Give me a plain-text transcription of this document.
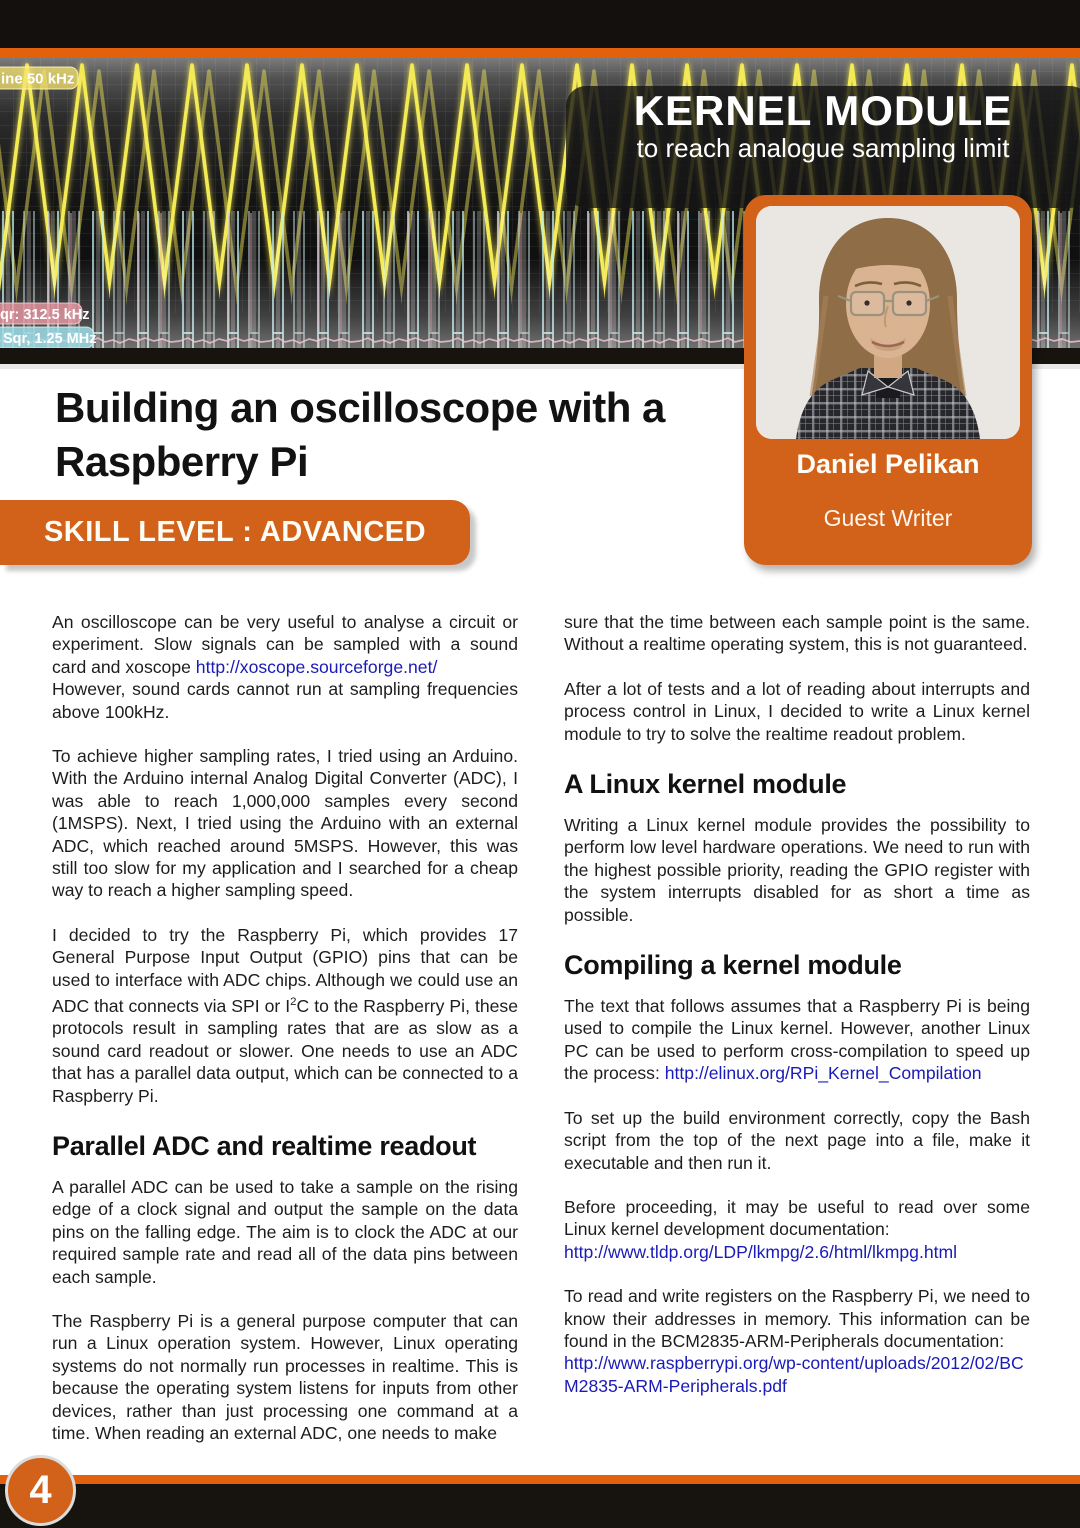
KERNEL MODULE
to reach analogue sampling limit
ine 50 kHz
qr: 312.5 kHz
Sqr, 1.25 MHz
Daniel Pelikan
Guest Writer
Building an oscilloscope with a
Raspberry Pi
SKILL LEVEL : ADVANCED

An oscilloscope can be very useful to analyse a circuit or experiment. Slow signals can be sampled with a sound card and xoscope http://xoscope.sourceforge.net/
However, sound cards cannot run at sampling frequencies above 100kHz.

To achieve higher sampling rates, I tried using an Arduino. With the Arduino internal Analog Digital Converter (ADC), I was able to reach 1,000,000 samples every second (1MSPS). Next, I tried using the Arduino with an external ADC, which reached around 5MSPS. However, this was still too slow for my application and I searched for a cheap way to reach a higher sampling speed.

I decided to try the Raspberry Pi, which provides 17 General Purpose Input Output (GPIO) pins that can be used to interface with ADC chips. Although we could use an ADC that connects via SPI or $I^2C$ to the Raspberry Pi, these protocols result in sampling rates that are as slow as a sound card readout or slower. One needs to use an ADC that has a parallel data output, which can be connected to a Raspberry Pi.

Parallel ADC and realtime readout

A parallel ADC can be used to take a sample on the rising edge of a clock signal and output the sample on the data pins on the falling edge. The aim is to clock the ADC at our required sample rate and read all of the data pins between each sample.

The Raspberry Pi is a general purpose computer that can run a Linux operation system. However, Linux operating systems do not normally run processes in realtime. This is because the operating system listens for inputs from other devices, rather than just processing one command at a time. When reading an external ADC, one needs to make

sure that the time between each sample point is the same. Without a realtime operating system, this is not guaranteed.

After a lot of tests and a lot of reading about interrupts and process control in Linux, I decided to write a Linux kernel module to try to solve the realtime readout problem.

A Linux kernel module

Writing a Linux kernel module provides the possibility to perform low level hardware operations. We need to run with the highest possible priority, reading the GPIO register with the system interrupts disabled for as short a time as possible.

Compiling a kernel module

The text that follows assumes that a Raspberry Pi is being used to compile the Linux kernel. However, another Linux PC can be used to perform cross-compilation to speed up the process: http://elinux.org/RPi_Kernel_Compilation

To set up the build environment correctly, copy the Bash script from the top of the next page into a file, make it executable and then run it.

Before proceeding, it may be useful to read over some Linux kernel development documentation:
http://www.tldp.org/LDP/lkmpg/2.6/html/lkmpg.html

To read and write registers on the Raspberry Pi, we need to know their addresses in memory. This information can be found in the BCM2835-ARM-Peripherals documentation:
http://www.raspberrypi.org/wp-content/uploads/2012/02/BCM2835-ARM-Peripherals.pdf

4
